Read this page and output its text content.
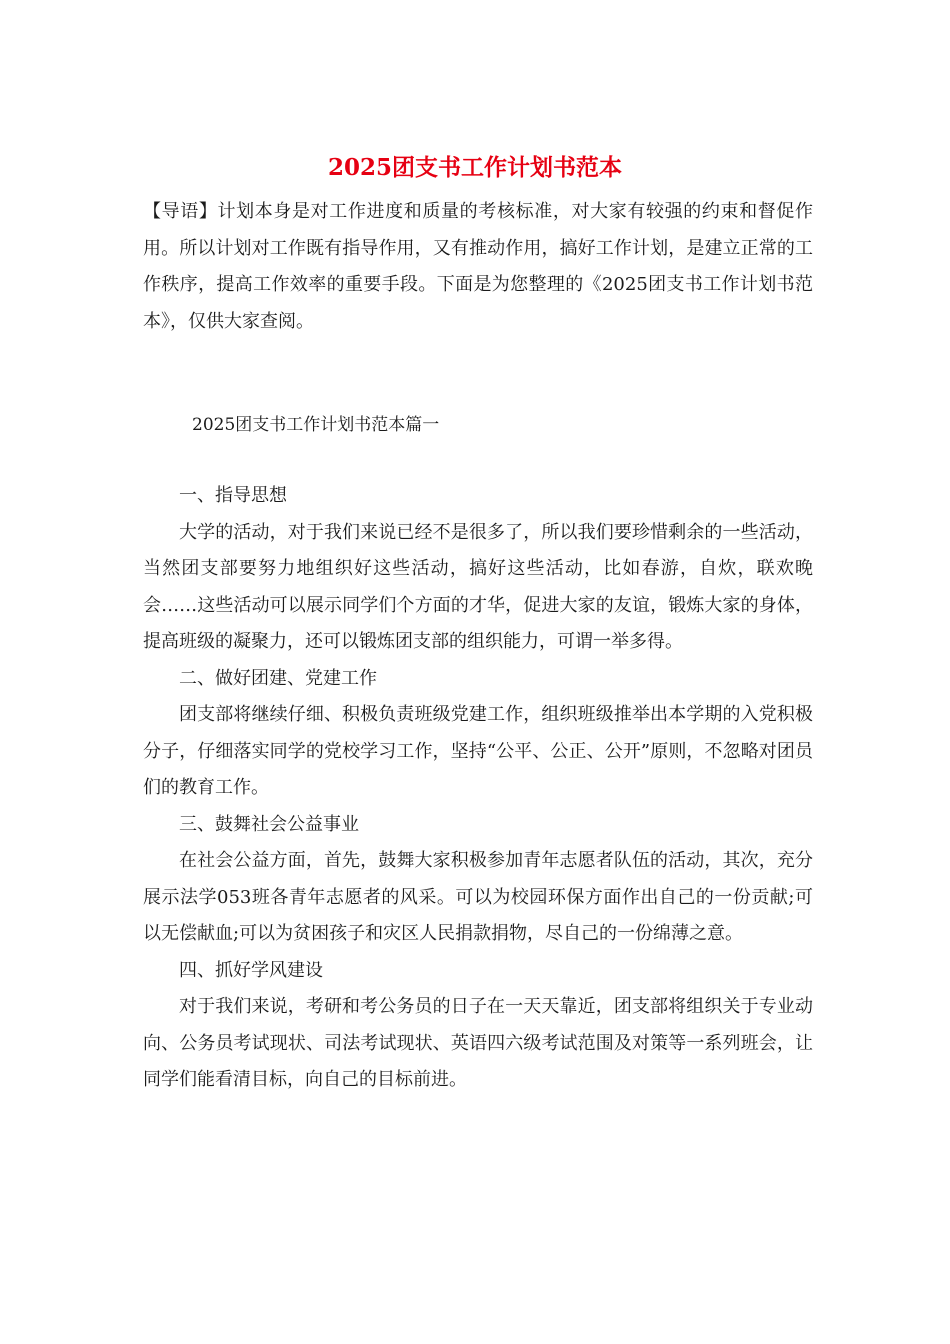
2025团支书工作计划书范本
【导语】计划本身是对工作进度和质量的考核标准，对大家有较强的约束和督促作用。所以计划对工作既有指导作用，又有推动作用，搞好工作计划，是建立正常的工作秩序，提高工作效率的重要手段。下面是为您整理的《2025团支书工作计划书范本》，仅供大家查阅。
2025团支书工作计划书范本篇一

一、指导思想

大学的活动，对于我们来说已经不是很多了，所以我们要珍惜剩余的一些活动，当然团支部要努力地组织好这些活动，搞好这些活动，比如春游，自炊，联欢晚会……这些活动可以展示同学们个方面的才华，促进大家的友谊，锻炼大家的身体，提高班级的凝聚力，还可以锻炼团支部的组织能力，可谓一举多得。

二、做好团建、党建工作

团支部将继续仔细、积极负责班级党建工作，组织班级推举出本学期的入党积极分子，仔细落实同学的党校学习工作，坚持“公平、公正、公开”原则，不忽略对团员们的教育工作。

三、鼓舞社会公益事业

在社会公益方面，首先，鼓舞大家积极参加青年志愿者队伍的活动，其次，充分展示法学053班各青年志愿者的风采。可以为校园环保方面作出自己的一份贡献;可以无偿献血;可以为贫困孩子和灾区人民捐款捐物，尽自己的一份绵薄之意。

四、抓好学风建设

对于我们来说，考研和考公务员的日子在一天天靠近，团支部将组织关于专业动向、公务员考试现状、司法考试现状、英语四六级考试范围及对策等一系列班会，让同学们能看清目标，向自己的目标前进。
